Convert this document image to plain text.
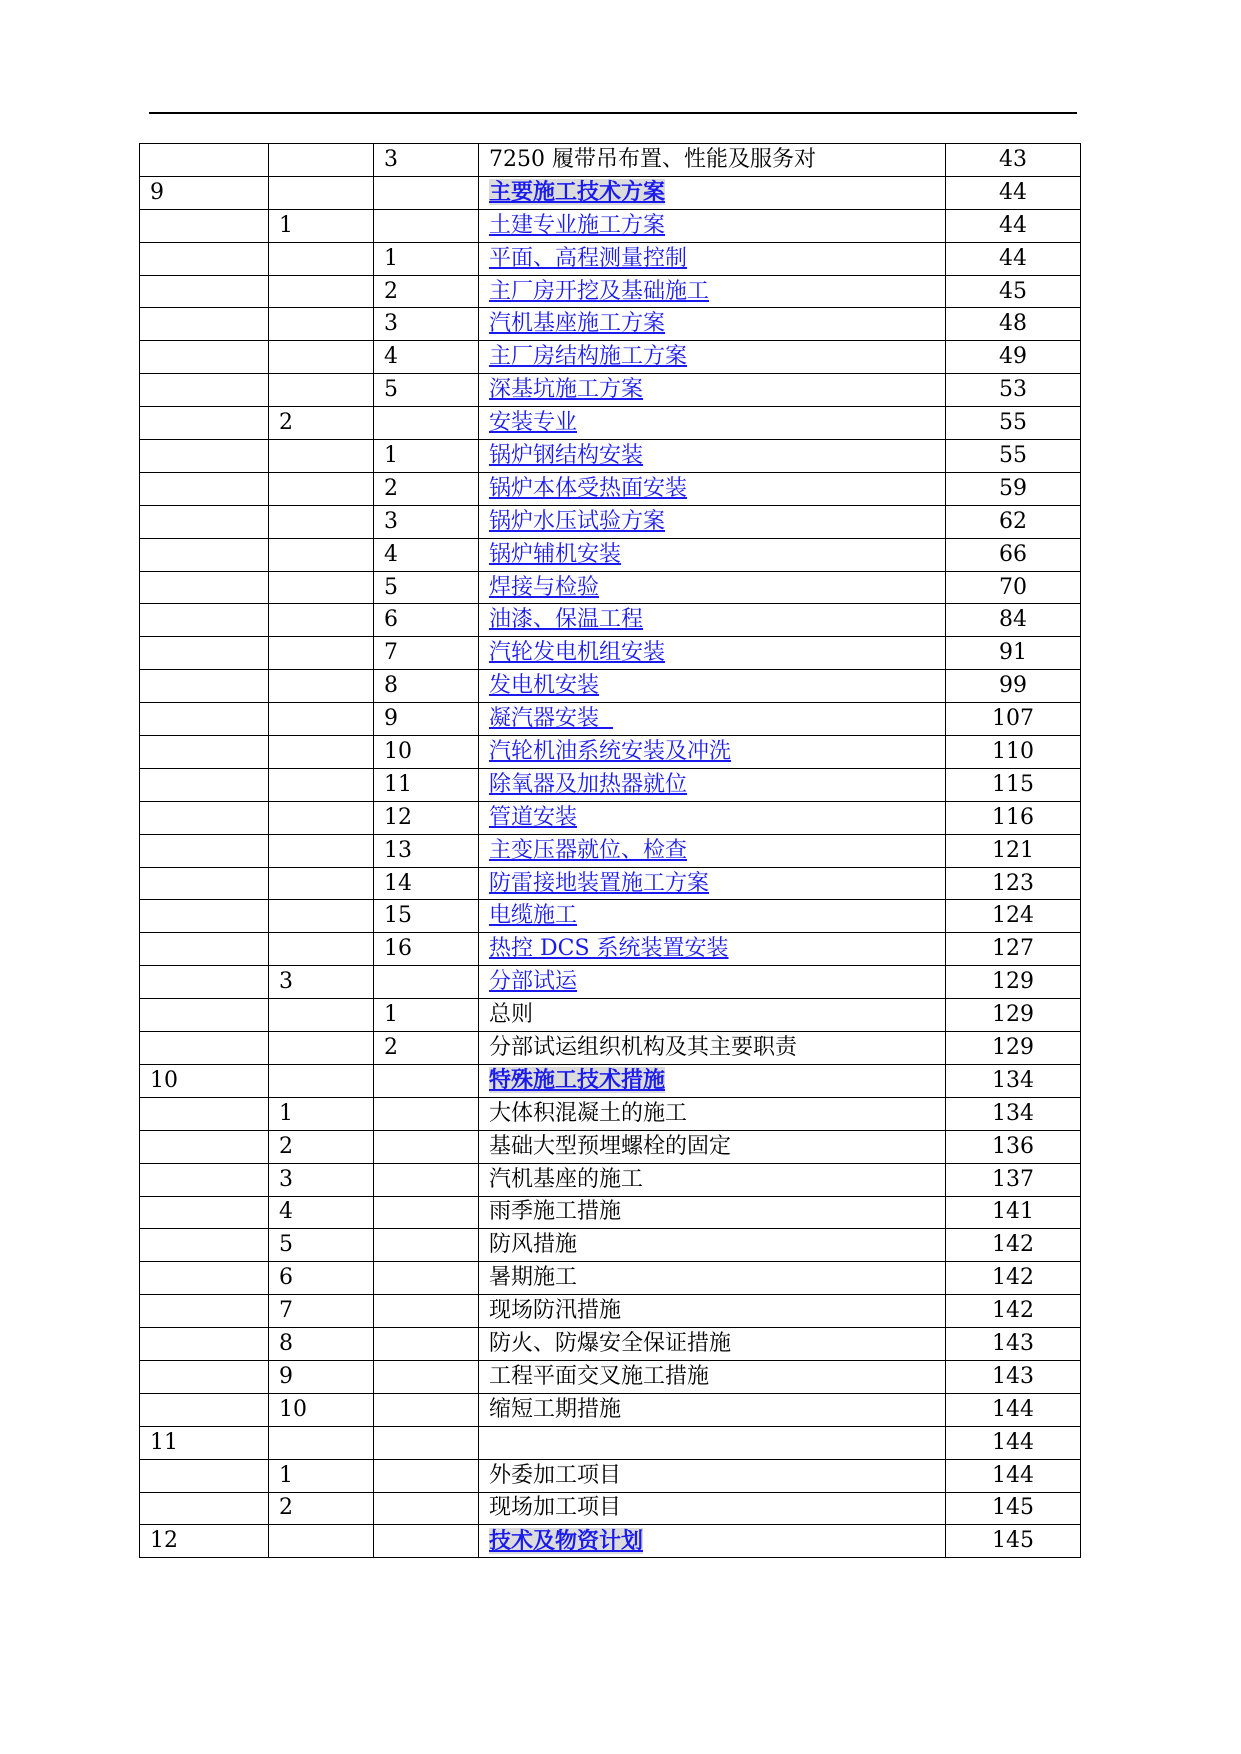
		3	7250 履带吊布置、性能及服务对	43
9			主要施工技术方案	44
	1		土建专业施工方案	44
		1	平面、高程测量控制	44
		2	主厂房开挖及基础施工	45
		3	汽机基座施工方案	48
		4	主厂房结构施工方案	49
		5	深基坑施工方案	53
	2		安装专业	55
		1	锅炉钢结构安装	55
		2	锅炉本体受热面安装	59
		3	锅炉水压试验方案	62
		4	锅炉辅机安装	66
		5	焊接与检验	70
		6	油漆、保温工程	84
		7	汽轮发电机组安装	91
		8	发电机安装	99
		9	凝汽器安装	107
		10	汽轮机油系统安装及冲洗	110
		11	除氧器及加热器就位	115
		12	管道安装	116
		13	主变压器就位、检查	121
		14	防雷接地装置施工方案	123
		15	电缆施工	124
		16	热控 DCS 系统装置安装	127
	3		分部试运	129
		1	总则	129
		2	分部试运组织机构及其主要职责	129
10			特殊施工技术措施	134
	1		大体积混凝土的施工	134
	2		基础大型预埋螺栓的固定	136
	3		汽机基座的施工	137
	4		雨季施工措施	141
	5		防风措施	142
	6		暑期施工	142
	7		现场防汛措施	142
	8		防火、防爆安全保证措施	143
	9		工程平面交叉施工措施	143
	10		缩短工期措施	144
11				144
	1		外委加工项目	144
	2		现场加工项目	145
12			技术及物资计划	145
